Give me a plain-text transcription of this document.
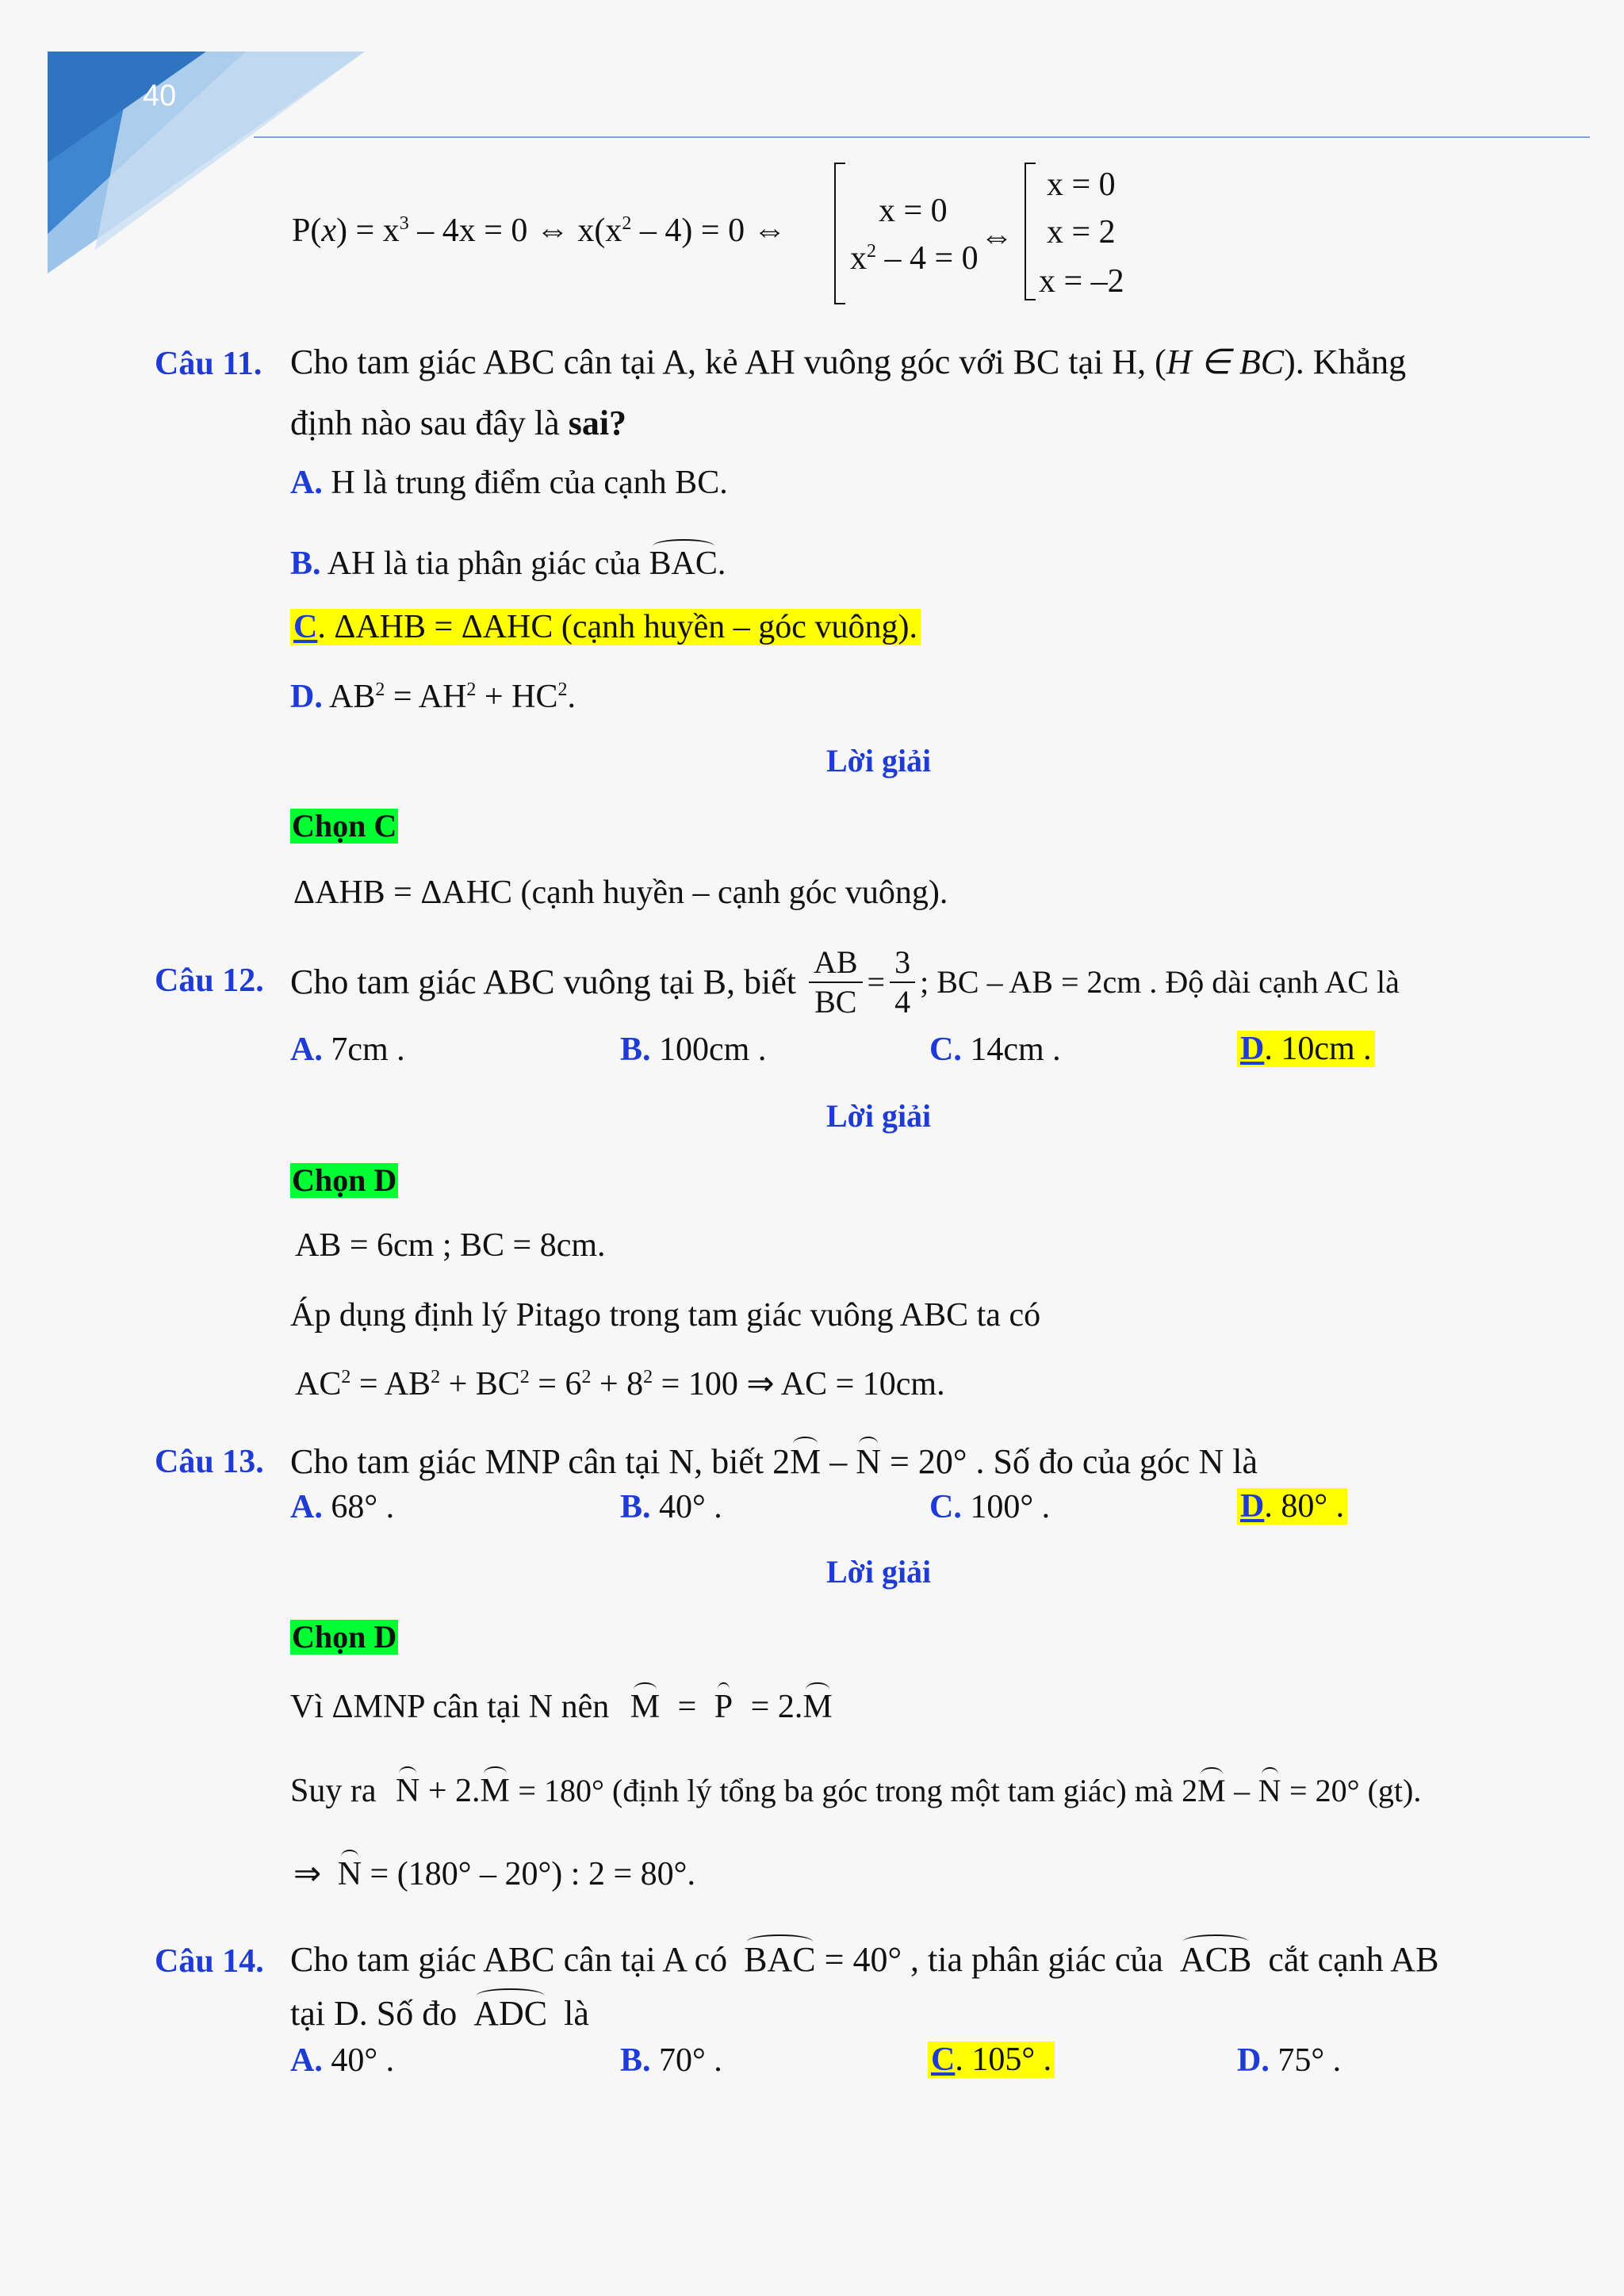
40
$P(x) = x^3 - 4x = 0$ ⇔ $x(x^2 - 4) = 0$ ⇔
x = 0
$x^2 - 4 = 0$
⇔
x = 0
x = 2
x = –2
Câu 11. Cho tam giác ABC cân tại A, kẻ AH vuông góc với BC tại H, (H ∈ BC). Khẳng
định nào sau đây là sai?
A. H là trung điểm của cạnh BC.
B. AH là tia phân giác của BAC.
C. ΔAHB = ΔAHC (cạnh huyền – góc vuông).
D. $AB^2 = AH^2 + HC^2$.
Lời giải
Chọn C
ΔAHB = ΔAHC (cạnh huyền – cạnh góc vuông).
Câu 12. Cho tam giác ABC vuông tại B, biết $\frac{AB}{BC} = \frac{3}{4}$ ; BC – AB = 2cm . Độ dài cạnh AC là
A. 7cm .	B. 100cm .	C. 14cm .	D. 10cm .
Lời giải
Chọn D
AB = 6cm ; BC = 8cm.
Áp dụng định lý Pitago trong tam giác vuông ABC ta có
$AC^2 = AB^2 + BC^2 = 6^2 + 8^2 = 100$ ⇒ AC = 10cm.
Câu 13. Cho tam giác MNP cân tại N, biết 2M – N = 20° . Số đo của góc N là
A. 68° .	B. 40° .	C. 100° .	D. 80° .
Lời giải
Chọn D
Vì ΔMNP cân tại N nên M = P = 2.M
Suy ra N + 2.M = 180° (định lý tổng ba góc trong một tam giác) mà 2M – N = 20° (gt).
⇒ N = (180° – 20°) : 2 = 80°.
Câu 14. Cho tam giác ABC cân tại A có BAC = 40° , tia phân giác của ACB cắt cạnh AB
tại D. Số đo ADC là
A. 40° .	B. 70° .	C. 105° .	D. 75° .
